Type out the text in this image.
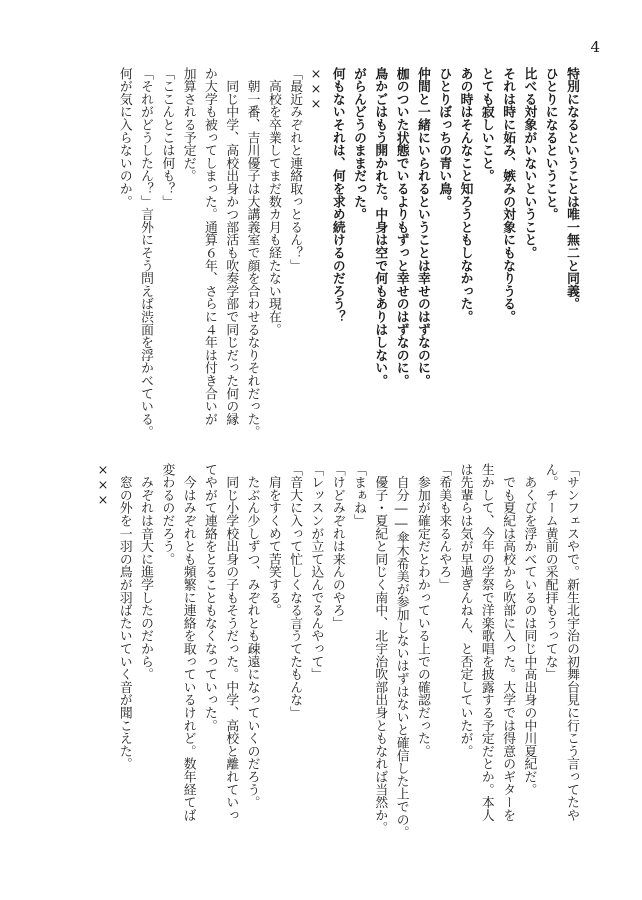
4
特別になるということは唯一無二と同義。
ひとりになるということ。
比べる対象がいないということ。
それは時に妬み、嫉みの対象にもなりうる。
とても寂しいこと。
あの時はそんなこと知ろうともしなかった。
ひとりぼっちの青い鳥。
仲間と一緒にいられるということは幸せのはずなのに。
枷のついた状態でいるよりもずっと幸せのはずなのに。
鳥かごはもう開かれた。中身は空で何もありはしない。
がらんどうのままだった。
何もないそれは、何を求め続けるのだろう？
×××
「最近みぞれと連絡取っとるん？」
　高校を卒業してまだ数カ月も経たない現在。
　朝一番、吉川優子は大講義室で顔を合わせるなりそれだった。
　同じ中学、高校出身かつ部活も吹奏学部で同じだった何の縁
か大学も被ってしまった。通算６年、さらに４年は付き合いが
加算される予定だ。
「ここんとこは何も？」
「それがどうしたん？」言外にそう問えば渋面を浮かべている。
何が気に入らないのか。
「サンフェスやで。新生北宇治の初舞台見に行こう言ってたや
ん。チーム黄前の采配拝もうってな」
　あくびを浮かべているのは同じ中高出身の中川夏紀だ。
　でも夏紀は高校から吹部に入った。大学では得意のギターを
生かして、今年の学祭で洋楽歌唱を披露する予定だとか。本人
は先輩らは気が早過ぎんねん、と否定していたが。
「希美も来るんやろ」
　参加が確定だとわかっている上での確認だった。
　自分――傘木希美が参加しないはずはないと確信した上での。
　優子・夏紀と同じく南中、北宇治吹部出身ともなれば当然か。
「まぁね」
「けどみぞれは来んのやろ」
「レッスンが立て込んでるんやって」
「音大に入って忙しくなる言うてたもんな」
　肩をすくめて苦笑する。
　たぶん少しずつ、みぞれとも疎遠になっていくのだろう。
　同じ小学校出身の子もそうだった。中学、高校と離れていっ
てやがて連絡をとることもなくなっていった。
　今はみぞれとも頻繁に連絡を取っているけれど。数年経てば
変わるのだろう。
　みぞれは音大に進学したのだから。
　窓の外を一羽の鳥が羽ばたいていく音が聞こえた。
×××
